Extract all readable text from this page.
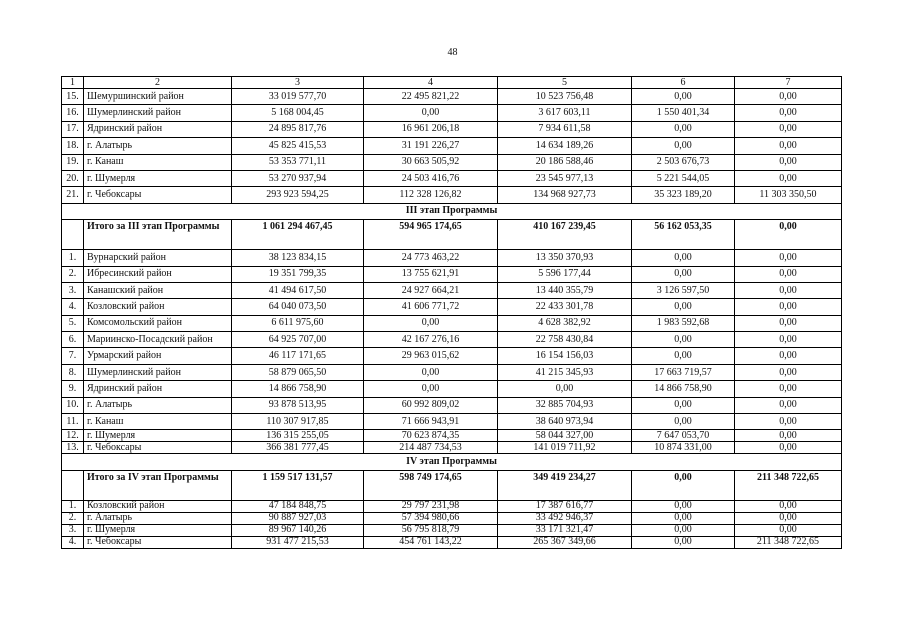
48
1	2	3	4	5	6	7
15.	Шемуршинский район	33 019 577,70	22 495 821,22	10 523 756,48	0,00	0,00
16.	Шумерлинский район	5 168 004,45	0,00	3 617 603,11	1 550 401,34	0,00
17.	Ядринский район	24 895 817,76	16 961 206,18	7 934 611,58	0,00	0,00
18.	г. Алатырь	45 825 415,53	31 191 226,27	14 634 189,26	0,00	0,00
19.	г. Канаш	53 353 771,11	30 663 505,92	20 186 588,46	2 503 676,73	0,00
20.	г. Шумерля	53 270 937,94	24 503 416,76	23 545 977,13	5 221 544,05	0,00
21.	г. Чебоксары	293 923 594,25	112 328 126,82	134 968 927,73	35 323 189,20	11 303 350,50
III этап Программы						
	Итого за III этап Программы	1 061 294 467,45	594 965 174,65	410 167 239,45	56 162 053,35	0,00
1.	Вурнарский район	38 123 834,15	24 773 463,22	13 350 370,93	0,00	0,00
2.	Ибресинский район	19 351 799,35	13 755 621,91	5 596 177,44	0,00	0,00
3.	Канашский район	41 494 617,50	24 927 664,21	13 440 355,79	3 126 597,50	0,00
4.	Козловский район	64 040 073,50	41 606 771,72	22 433 301,78	0,00	0,00
5.	Комсомольский район	6 611 975,60	0,00	4 628 382,92	1 983 592,68	0,00
6.	Мариинско-Посадский район	64 925 707,00	42 167 276,16	22 758 430,84	0,00	0,00
7.	Урмарский район	46 117 171,65	29 963 015,62	16 154 156,03	0,00	0,00
8.	Шумерлинский район	58 879 065,50	0,00	41 215 345,93	17 663 719,57	0,00
9.	Ядринский район	14 866 758,90	0,00	0,00	14 866 758,90	0,00
10.	г. Алатырь	93 878 513,95	60 992 809,02	32 885 704,93	0,00	0,00
11.	г. Канаш	110 307 917,85	71 666 943,91	38 640 973,94	0,00	0,00
12.	г. Шумерля	136 315 255,05	70 623 874,35	58 044 327,00	7 647 053,70	0,00
13.	г. Чебоксары	366 381 777,45	214 487 734,53	141 019 711,92	10 874 331,00	0,00
IV этап Программы						
	Итого за IV этап Программы	1 159 517 131,57	598 749 174,65	349 419 234,27	0,00	211 348 722,65
1.	Козловский район	47 184 848,75	29 797 231,98	17 387 616,77	0,00	0,00
2.	г. Алатырь	90 887 927,03	57 394 980,66	33 492 946,37	0,00	0,00
3.	г. Шумерля	89 967 140,26	56 795 818,79	33 171 321,47	0,00	0,00
4.	г. Чебоксары	931 477 215,53	454 761 143,22	265 367 349,66	0,00	211 348 722,65
